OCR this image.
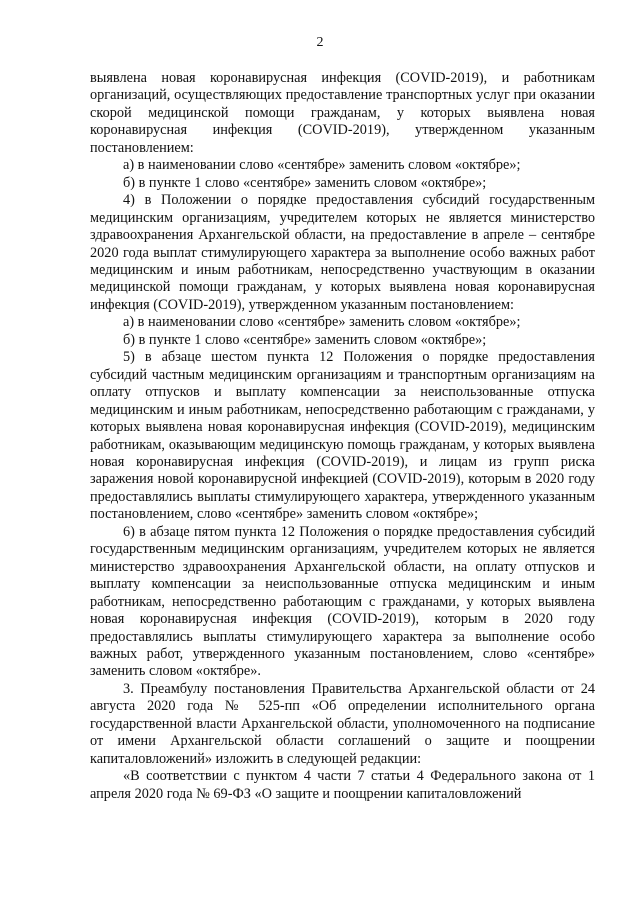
2

выявлена новая коронавирусная инфекция (COVID-2019), и работникам организаций, осуществляющих предоставление транспортных услуг при оказании скорой медицинской помощи гражданам, у которых выявлена новая коронавирусная инфекция (COVID-2019), утвержденном указанным постановлением:

а) в наименовании слово «сентябре» заменить словом «октябре»;

б) в пункте 1 слово «сентябре» заменить словом «октябре»;

4) в Положении о порядке предоставления субсидий государственным медицинским организациям, учредителем которых не является министерство здравоохранения Архангельской области, на предоставление в апреле – сентябре 2020 года выплат стимулирующего характера за выполнение особо важных работ медицинским и иным работникам, непосредственно участвующим в оказании медицинской помощи гражданам, у которых выявлена новая коронавирусная инфекция (COVID-2019), утвержденном указанным постановлением:

а) в наименовании слово «сентябре» заменить словом «октябре»;

б) в пункте 1 слово «сентябре» заменить словом «октябре»;

5) в абзаце шестом пункта 12 Положения о порядке предоставления субсидий частным медицинским организациям и транспортным организациям на оплату отпусков и выплату компенсации за неиспользованные отпуска медицинским и иным работникам, непосредственно работающим с гражданами, у которых выявлена новая коронавирусная инфекция (COVID-2019), медицинским работникам, оказывающим медицинскую помощь гражданам, у которых выявлена новая коронавирусная инфекция (COVID-2019), и лицам из групп риска заражения новой коронавирусной инфекцией (COVID-2019), которым в 2020 году предоставлялись выплаты стимулирующего характера, утвержденного указанным постановлением, слово «сентябре» заменить словом «октябре»;

6) в абзаце пятом пункта 12 Положения о порядке предоставления субсидий государственным медицинским организациям, учредителем которых не является министерство здравоохранения Архангельской области, на оплату отпусков и выплату компенсации за неиспользованные отпуска медицинским и иным работникам, непосредственно работающим с гражданами, у которых выявлена новая коронавирусная инфекция (COVID-2019), которым в 2020 году предоставлялись выплаты стимулирующего характера за выполнение особо важных работ, утвержденного указанным постановлением, слово «сентябре» заменить словом «октябре».

3. Преамбулу постановления Правительства Архангельской области от 24 августа 2020 года № 525-пп «Об определении исполнительного органа государственной власти Архангельской области, уполномоченного на подписание от имени Архангельской области соглашений о защите и поощрении капиталовложений» изложить в следующей редакции:

«В соответствии с пунктом 4 части 7 статьи 4 Федерального закона от 1 апреля 2020 года № 69-ФЗ «О защите и поощрении капиталовложений
